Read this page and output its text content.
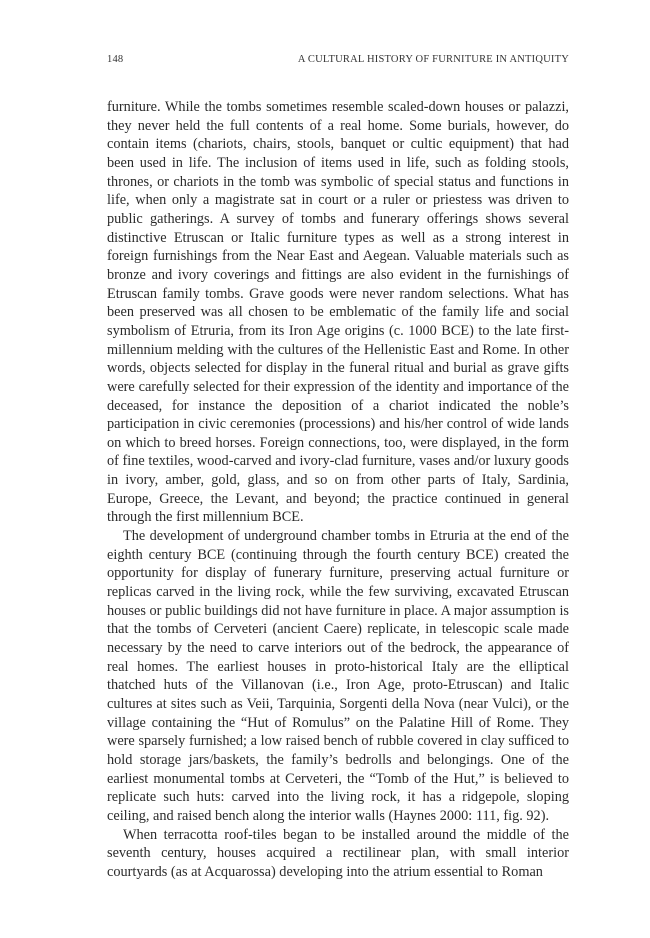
148	A CULTURAL HISTORY OF FURNITURE IN ANTIQUITY

furniture. While the tombs sometimes resemble scaled-down houses or palazzi, they never held the full contents of a real home. Some burials, however, do contain items (chariots, chairs, stools, banquet or cultic equipment) that had been used in life. The inclusion of items used in life, such as folding stools, thrones, or chariots in the tomb was symbolic of special status and functions in life, when only a magistrate sat in court or a ruler or priestess was driven to public gatherings. A survey of tombs and funerary offerings shows several distinctive Etruscan or Italic furniture types as well as a strong interest in foreign furnishings from the Near East and Aegean. Valuable materials such as bronze and ivory coverings and fittings are also evident in the furnishings of Etruscan family tombs. Grave goods were never random selections. What has been preserved was all chosen to be emblematic of the family life and social symbolism of Etruria, from its Iron Age origins (c. 1000 BCE) to the late first-millennium melding with the cultures of the Hellenistic East and Rome. In other words, objects selected for display in the funeral ritual and burial as grave gifts were carefully selected for their expression of the identity and importance of the deceased, for instance the deposition of a chariot indicated the noble’s participation in civic ceremonies (processions) and his/her control of wide lands on which to breed horses. Foreign connections, too, were displayed, in the form of fine textiles, wood-carved and ivory-clad furniture, vases and/or luxury goods in ivory, amber, gold, glass, and so on from other parts of Italy, Sardinia, Europe, Greece, the Levant, and beyond; the practice continued in general through the first millennium BCE.

The development of underground chamber tombs in Etruria at the end of the eighth century BCE (continuing through the fourth century BCE) created the opportunity for display of funerary furniture, preserving actual furniture or replicas carved in the living rock, while the few surviving, excavated Etruscan houses or public buildings did not have furniture in place. A major assumption is that the tombs of Cerveteri (ancient Caere) replicate, in telescopic scale made necessary by the need to carve interiors out of the bedrock, the appearance of real homes. The earliest houses in proto-historical Italy are the elliptical thatched huts of the Villanovan (i.e., Iron Age, proto-Etruscan) and Italic cultures at sites such as Veii, Tarquinia, Sorgenti della Nova (near Vulci), or the village containing the “Hut of Romulus” on the Palatine Hill of Rome. They were sparsely furnished; a low raised bench of rubble covered in clay sufficed to hold storage jars/baskets, the family’s bedrolls and belongings. One of the earliest monumental tombs at Cerveteri, the “Tomb of the Hut,” is believed to replicate such huts: carved into the living rock, it has a ridgepole, sloping ceiling, and raised bench along the interior walls (Haynes 2000: 111, fig. 92).

When terracotta roof-tiles began to be installed around the middle of the seventh century, houses acquired a rectilinear plan, with small interior courtyards (as at Acquarossa) developing into the atrium essential to Roman
